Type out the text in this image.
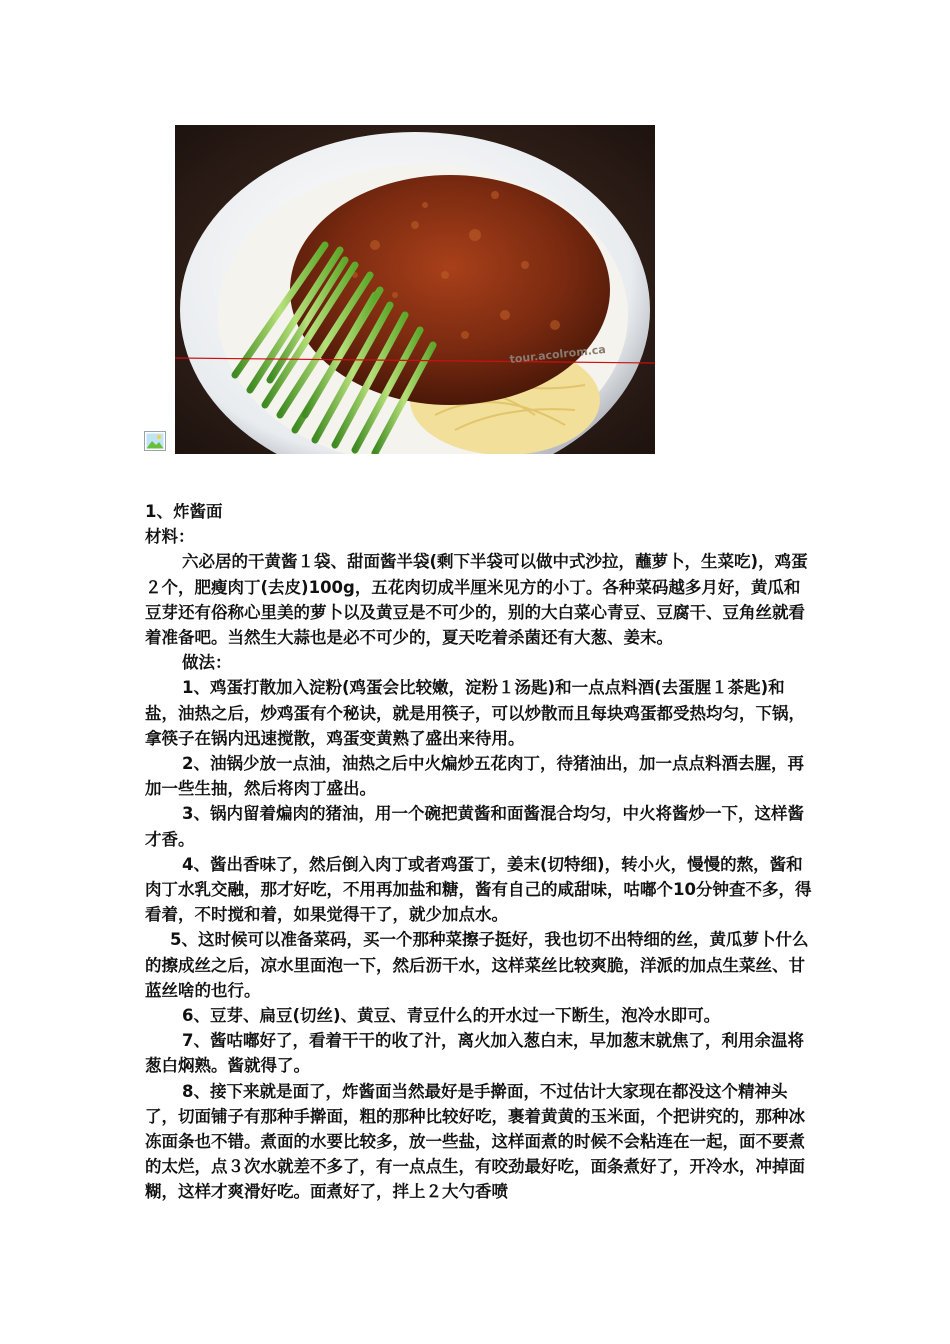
tour.acolrom.ca

1、炸酱面

材料：

六必居的干黄酱１袋、甜面酱半袋(剩下半袋可以做中式沙拉，蘸萝卜，生菜吃)，鸡蛋２个，肥瘦肉丁(去皮)100g，五花肉切成半厘米见方的小丁。各种菜码越多月好，黄瓜和豆芽还有俗称心里美的萝卜以及黄豆是不可少的，别的大白菜心青豆、豆腐干、豆角丝就看着准备吧。当然生大蒜也是必不可少的，夏天吃着杀菌还有大葱、姜末。

做法：

1、鸡蛋打散加入淀粉(鸡蛋会比较嫩，淀粉１汤匙)和一点点料酒(去蛋腥１茶匙)和盐，油热之后，炒鸡蛋有个秘诀，就是用筷子，可以炒散而且每块鸡蛋都受热均匀，下锅，拿筷子在锅内迅速搅散，鸡蛋变黄熟了盛出来待用。

2、油锅少放一点油，油热之后中火煸炒五花肉丁，待猪油出，加一点点料酒去腥，再加一些生抽，然后将肉丁盛出。

3、锅内留着煸肉的猪油，用一个碗把黄酱和面酱混合均匀，中火将酱炒一下，这样酱才香。

4、酱出香味了，然后倒入肉丁或者鸡蛋丁，姜末(切特细)，转小火，慢慢的熬，酱和肉丁水乳交融，那才好吃，不用再加盐和糖，酱有自己的咸甜味，咕嘟个10分钟查不多，得看着，不时搅和着，如果觉得干了，就少加点水。

5、这时候可以准备菜码，买一个那种菜擦子挺好，我也切不出特细的丝，黄瓜萝卜什么的擦成丝之后，凉水里面泡一下，然后沥干水，这样菜丝比较爽脆，洋派的加点生菜丝、甘蓝丝啥的也行。

6、豆芽、扁豆(切丝)、黄豆、青豆什么的开水过一下断生，泡冷水即可。

7、酱咕嘟好了，看着干干的收了汁，离火加入葱白末，早加葱末就焦了，利用余温将葱白焖熟。酱就得了。

8、接下来就是面了，炸酱面当然最好是手擀面，不过估计大家现在都没这个精神头了，切面铺子有那种手擀面，粗的那种比较好吃，裹着黄黄的玉米面，个把讲究的，那种冰冻面条也不错。煮面的水要比较多，放一些盐，这样面煮的时候不会粘连在一起，面不要煮的太烂，点３次水就差不多了，有一点点生，有咬劲最好吃，面条煮好了，开冷水，冲掉面糊，这样才爽滑好吃。面煮好了，拌上２大勺香喷
